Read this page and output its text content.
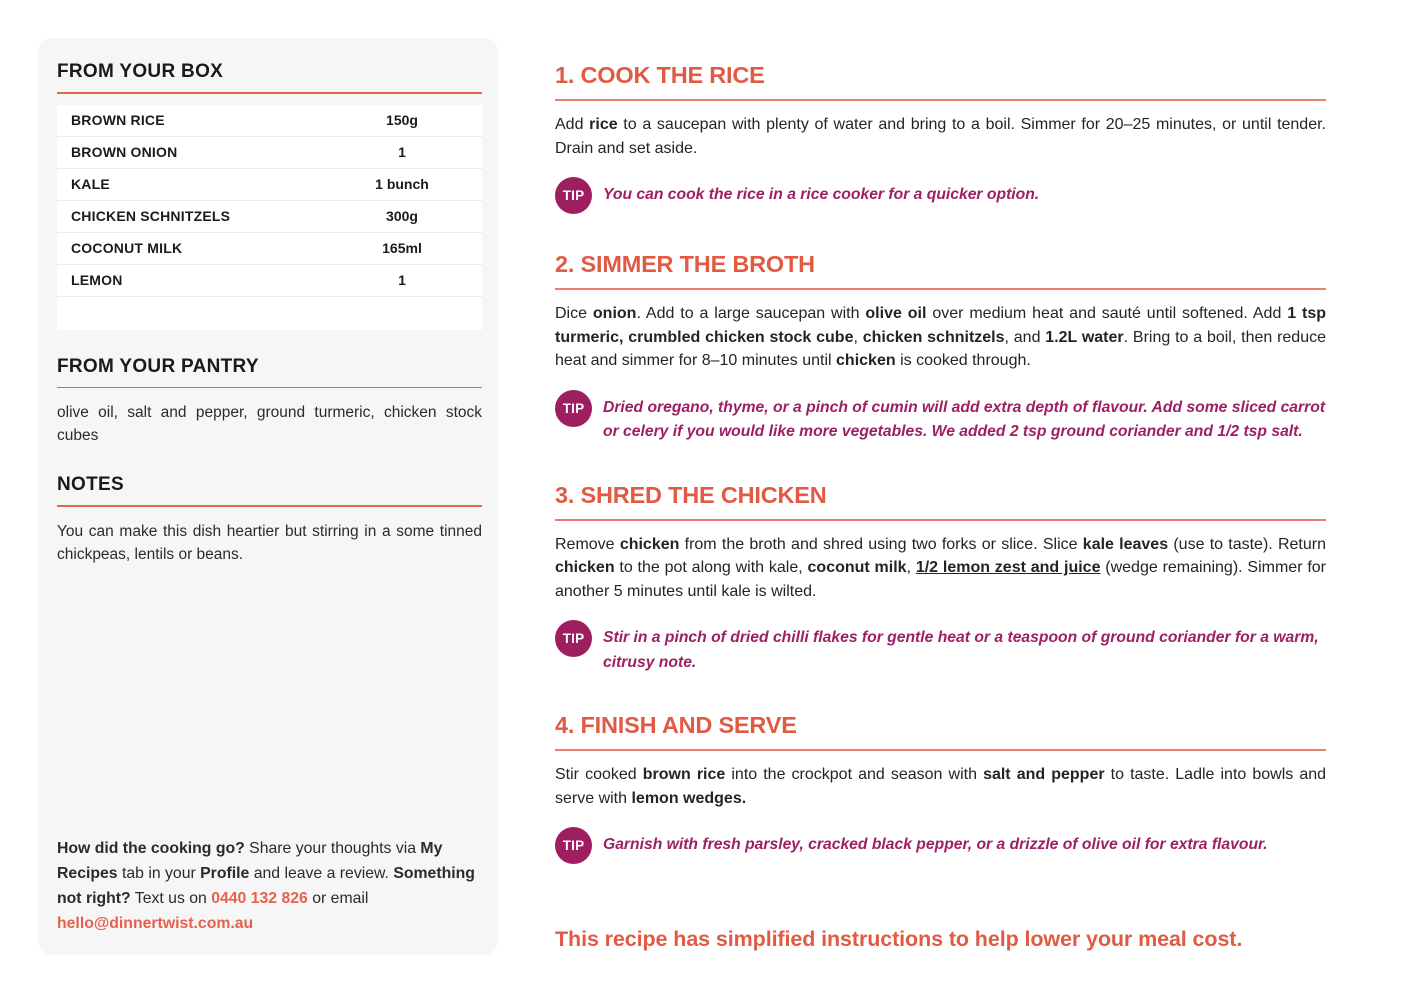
FROM YOUR BOX
BROWN RICE	150g
BROWN ONION	1
KALE	1 bunch
CHICKEN SCHNITZELS	300g
COCONUT MILK	165ml
LEMON	1
FROM YOUR PANTRY

olive oil, salt and pepper, ground turmeric, chicken stock cubes

NOTES

You can make this dish heartier but stirring in a some tinned chickpeas, lentils or beans.

How did the cooking go? Share your thoughts via My Recipes tab in your Profile and leave a review. Something not right? Text us on 0440 132 826 or email hello@dinnertwist.com.au

1. COOK THE RICE

Add rice to a saucepan with plenty of water and bring to a boil. Simmer for 20–25 minutes, or until tender. Drain and set aside.

TIP	You can cook the rice in a rice cooker for a quicker option.
2. SIMMER THE BROTH

Dice onion. Add to a large saucepan with olive oil over medium heat and sauté until softened. Add 1 tsp turmeric, crumbled chicken stock cube, chicken schnitzels, and 1.2L water. Bring to a boil, then reduce heat and simmer for 8–10 minutes until chicken is cooked through.

TIP	Dried oregano, thyme, or a pinch of cumin will add extra depth of flavour. Add some sliced carrot or celery if you would like more vegetables. We added 2 tsp ground coriander and 1/2 tsp salt.
3. SHRED THE CHICKEN

Remove chicken from the broth and shred using two forks or slice. Slice kale leaves (use to taste). Return chicken to the pot along with kale, coconut milk, 1/2 lemon zest and juice (wedge remaining). Simmer for another 5 minutes until kale is wilted.

TIP	Stir in a pinch of dried chilli flakes for gentle heat or a teaspoon of ground coriander for a warm, citrusy note.
4. FINISH AND SERVE

Stir cooked brown rice into the crockpot and season with salt and pepper to taste. Ladle into bowls and serve with lemon wedges.

TIP	Garnish with fresh parsley, cracked black pepper, or a drizzle of olive oil for extra flavour.

This recipe has simplified instructions to help lower your meal cost.
